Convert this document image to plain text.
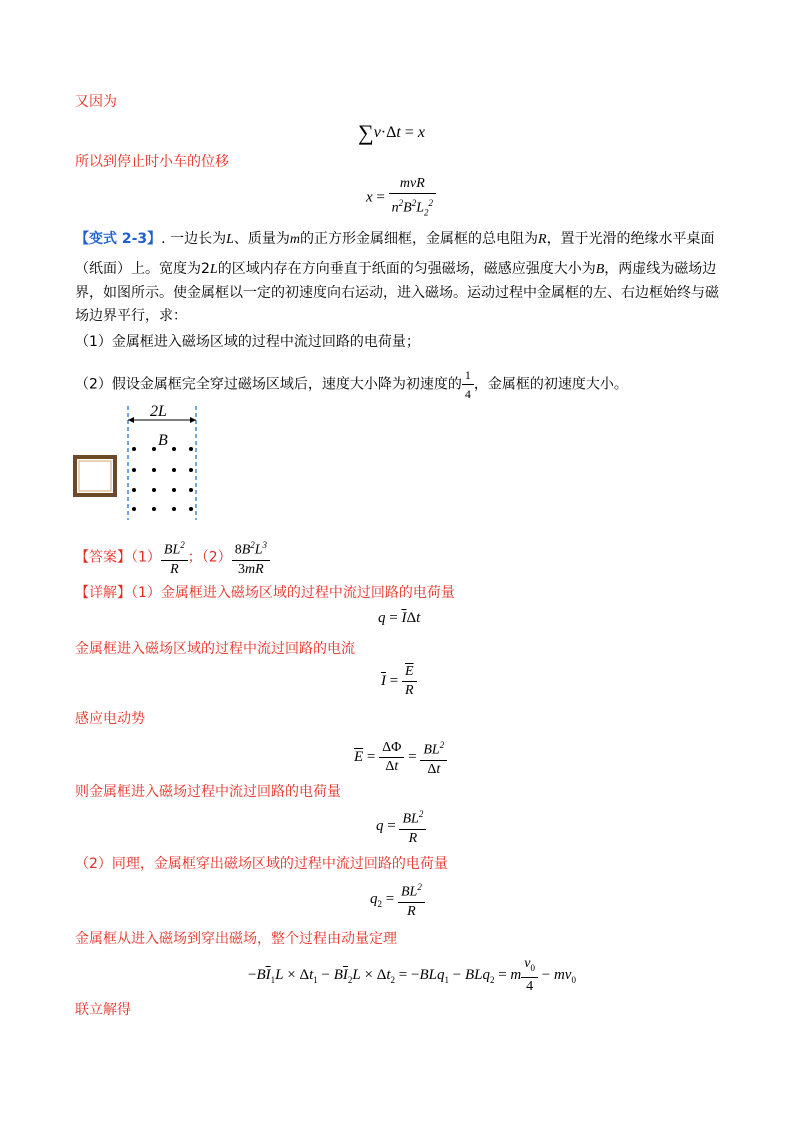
又因为
∑v·Δt = x
所以到停止时小车的位移
$x = \frac{\text{mvR}}{n^2B^2L_2^2}$
【变式 2-3】. 一边长为L、质量为m的正方形金属细框，金属框的总电阻为R，置于光滑的绝缘水平桌面
（纸面）上。宽度为2L的区域内存在方向垂直于纸面的匀强磁场，磁感应强度大小为B，两虚线为磁场边
界，如图所示。使金属框以一定的初速度向右运动，进入磁场。运动过程中金属框的左、右边框始终与磁
场边界平行，求：
（1）金属框进入磁场区域的过程中流过回路的电荷量；
（2）假设金属框完全穿过磁场区域后，速度大小降为初速度的 $\frac{1}{4}$ ，金属框的初速度大小。
2L
B
【答案】$(1) \frac{BL^2}{R}$ ；$(2) \frac{8B^2L^3}{3mR}$
【详解】（1）金属框进入磁场区域的过程中流过回路的电荷量
$q = \overline{I}\Delta t$
金属框进入磁场区域的过程中流过回路的电流
$\overline{I} = \frac{\overline{E}}{R}$
感应电动势
$\overline{E} = \frac{\Delta\Phi}{\Delta t} = \frac{BL^2}{\Delta t}$
则金属框进入磁场过程中流过回路的电荷量
$q = \frac{BL^2}{R}$
（2）同理，金属框穿出磁场区域的过程中流过回路的电荷量
$q_2 = \frac{BL^2}{R}$
金属框从进入磁场到穿出磁场，整个过程由动量定理
$-B\overline{I}_1L \times \Delta t_1 - B\overline{I}_2L \times \Delta t_2 = -BLq_1 - BLq_2 = m \frac{v_0}{4} - mv_0$
联立解得
